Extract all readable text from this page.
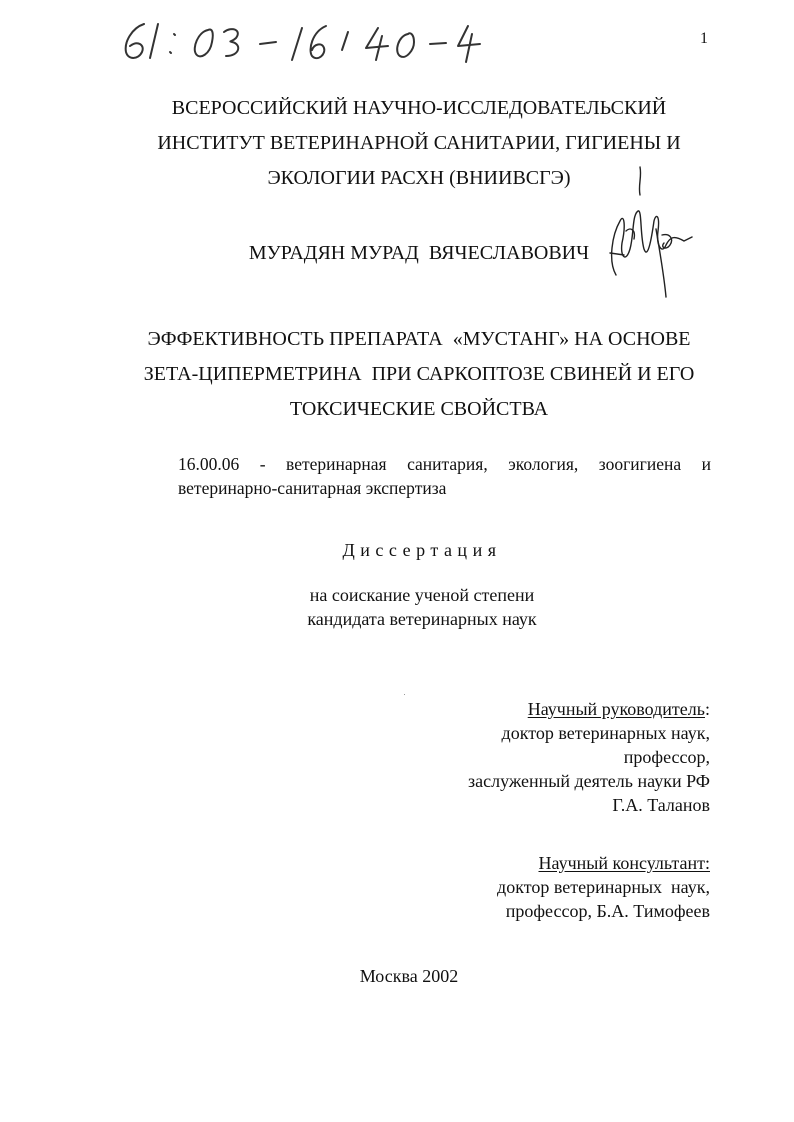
1
ВСЕРОССИЙСКИЙ НАУЧНО-ИССЛЕДОВАТЕЛЬСКИЙ
ИНСТИТУТ ВЕТЕРИНАРНОЙ САНИТАРИИ, ГИГИЕНЫ И
ЭКОЛОГИИ РАСХН (ВНИИВСГЭ)
МУРАДЯН МУРАД  ВЯЧЕСЛАВОВИЧ
ЭФФЕКТИВНОСТЬ ПРЕПАРАТА  «МУСТАНГ» НА ОСНОВЕ
ЗЕТА-ЦИПЕРМЕТРИНА  ПРИ САРКОПТОЗЕ СВИНЕЙ И ЕГО
ТОКСИЧЕСКИЕ СВОЙСТВА
16.00.06 - ветеринарная санитария, экология, зоогигиена и
ветеринарно-санитарная экспертиза
Диссертация
на соискание ученой степени
кандидата ветеринарных наук
Научный руководитель:
доктор ветеринарных наук,
профессор,
заслуженный деятель науки РФ
Г.А. Таланов
Научный консультант:
доктор ветеринарных  наук,
профессор, Б.А. Тимофеев
Москва 2002
